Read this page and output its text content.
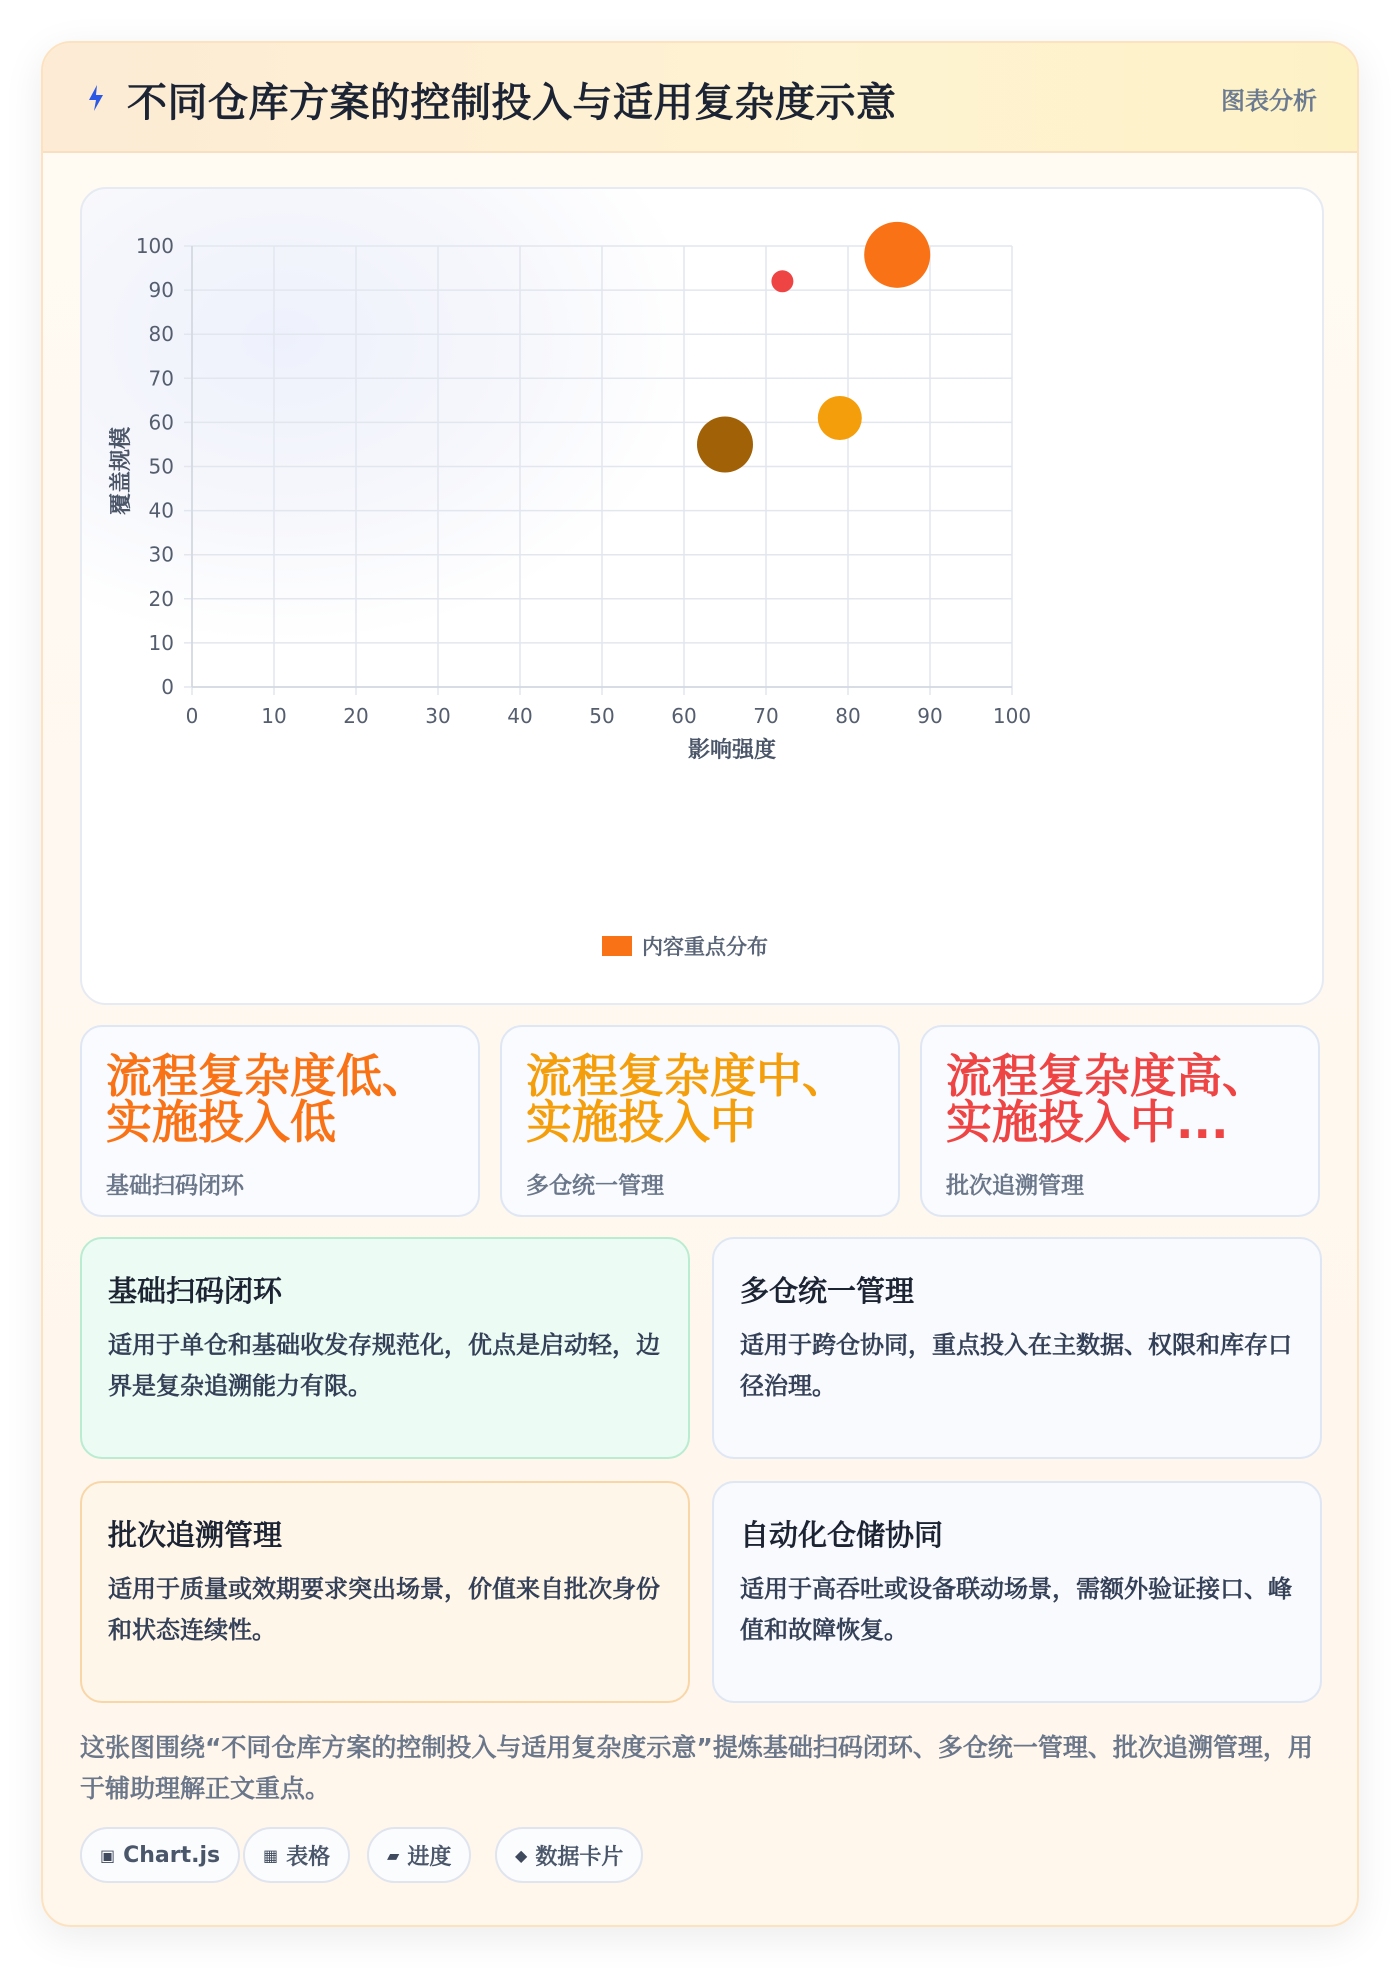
不同仓库方案的控制投入与适用复杂度示意	图表分析
0	10	20	30	40	50	60	70	80	90	100
0
10
20
30
40
50
60
70
80
90
100
影响强度
覆盖规模
内容重点分布
流程复杂度低、实施投入低
基础扫码闭环
流程复杂度中、实施投入中
多仓统一管理
流程复杂度高、实施投入中...
批次追溯管理
基础扫码闭环
适用于单仓和基础收发存规范化，优点是启动轻，边界是复杂追溯能力有限。
多仓统一管理
适用于跨仓协同，重点投入在主数据、权限和库存口径治理。
批次追溯管理
适用于质量或效期要求突出场景，价值来自批次身份和状态连续性。
自动化仓储协同
适用于高吞吐或设备联动场景，需额外验证接口、峰值和故障恢复。
这张图围绕“不同仓库方案的控制投入与适用复杂度示意”提炼基础扫码闭环、多仓统一管理、批次追溯管理，用于辅助理解正文重点。
▣ Chart.js	▦ 表格	▰ 进度	◆ 数据卡片
